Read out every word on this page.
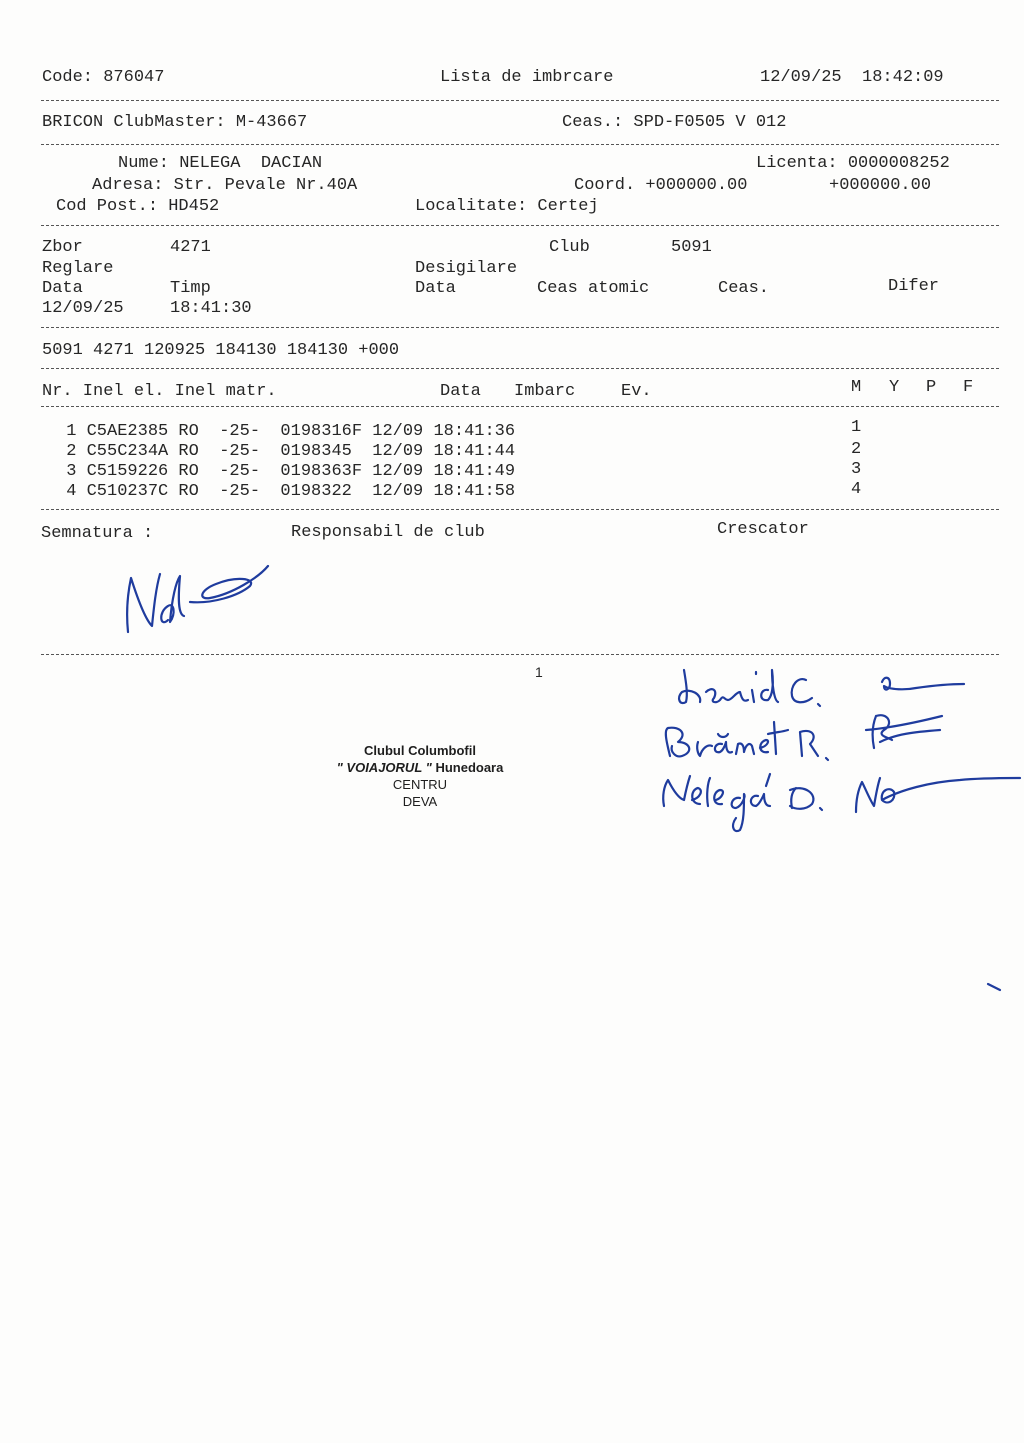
Code: 876047	Lista de imbrcare	12/09/25  18:42:09
BRICON ClubMaster: M-43667	Ceas.: SPD-F0505 V 012
Nume: NELEGA  DACIAN	Licenta: 0000008252
Adresa: Str. Pevale Nr.40A	Coord. +000000.00	+000000.00
Cod Post.: HD452	Localitate: Certej
Zbor	4271	Club	5091
Reglare	Desigilare
Data	Timp	Data	Ceas atomic	Ceas.	Difer
12/09/25	18:41:30
5091 4271 120925 184130 184130 +000
Nr. Inel el. Inel matr.	Data Imbarc	Ev.	M Y P F
1 C5AE2385 RO  -25-  0198316F 12/09 18:41:36	1
2 C55C234A RO  -25-  0198345  12/09 18:41:44	2
3 C5159226 RO  -25-  0198363F 12/09 18:41:49	3
4 C510237C RO  -25-  0198322  12/09 18:41:58	4
Semnatura :	Responsabil de club	Crescator
1
Clubul Columbofil
" VOIAJORUL " Hunedoara
CENTRU
DEVA
